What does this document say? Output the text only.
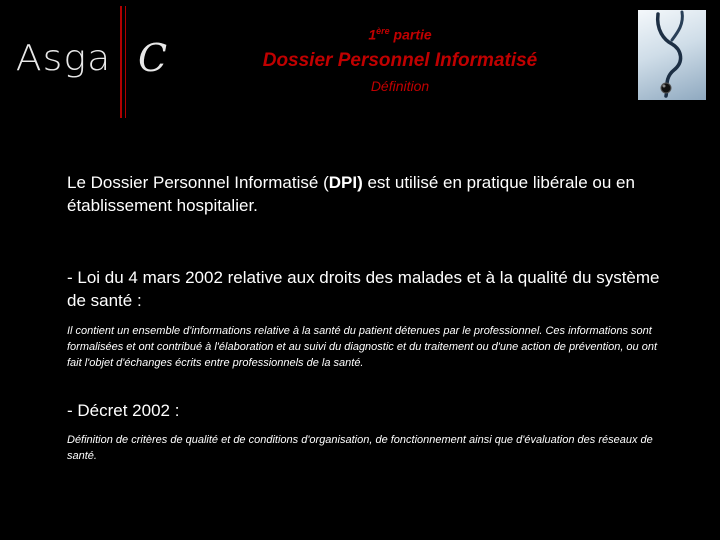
Asga C
1ère partie
Dossier Personnel Informatisé
Définition
Le Dossier Personnel Informatisé (DPI) est utilisé en pratique libérale ou en établissement hospitalier.
- Loi du 4 mars 2002 relative aux droits des malades et à la qualité du système de santé :
Il contient un ensemble d'informations relative à la santé du patient détenues par le professionnel. Ces informations sont formalisées et ont contribué à l'élaboration et au suivi du diagnostic et du traitement ou d'une action de prévention, ou ont fait l'objet d'échanges écrits entre professionnels de la santé.
- Décret 2002 :
Définition de critères de qualité et de conditions d'organisation, de fonctionnement ainsi que d'évaluation des réseaux de santé.
